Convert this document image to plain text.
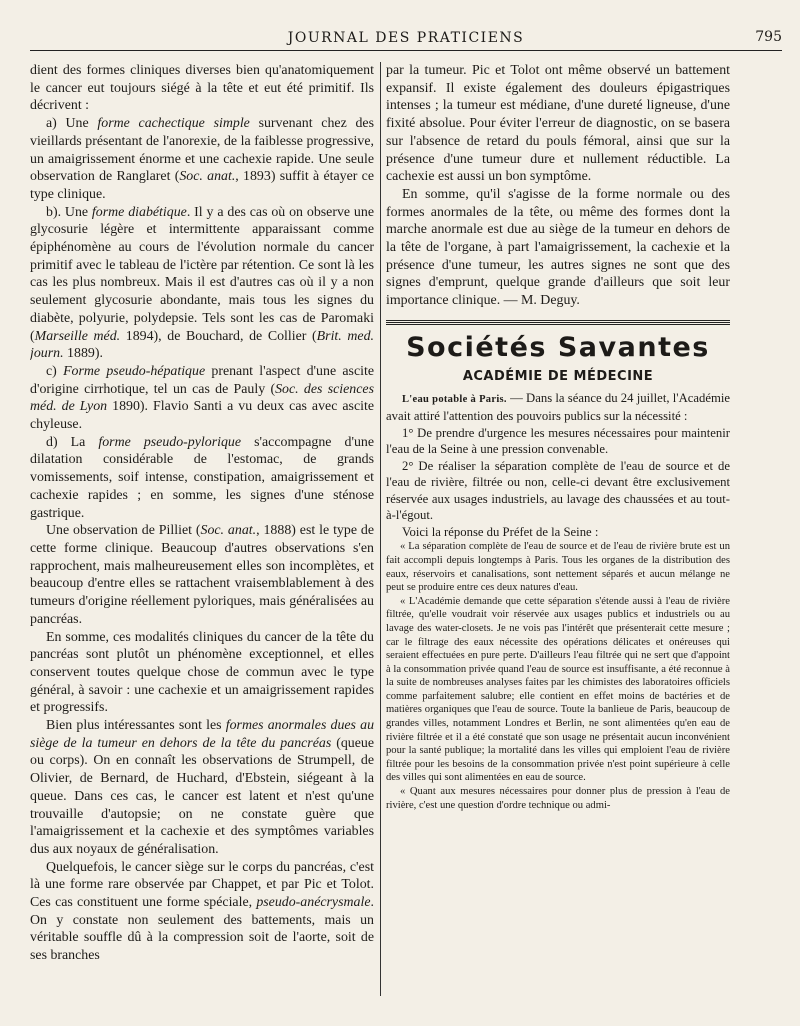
JOURNAL DES PRATICIENS	795

dient des formes cliniques diverses bien qu'anatomiquement le cancer eut toujours siégé à la tête et eut été primitif. Ils décrivent :

a) Une forme cachectique simple survenant chez des vieillards présentant de l'anorexie, de la faiblesse progressive, un amaigrissement énorme et une cachexie rapide. Une seule observation de Ranglaret (Soc. anat., 1893) suffit à étayer ce type clinique.

b). Une forme diabétique. Il y a des cas où on observe une glycosurie légère et intermittente apparaissant comme épiphénomène au cours de l'évolution normale du cancer primitif avec le tableau de l'ictère par rétention. Ce sont là les cas les plus nombreux. Mais il est d'autres cas où il y a non seulement glycosurie abondante, mais tous les signes du diabète, polyurie, polydepsie. Tels sont les cas de Paromaki (Marseille méd. 1894), de Bouchard, de Collier (Brit. med. journ. 1889).

c) Forme pseudo-hépatique prenant l'aspect d'une ascite d'origine cirrhotique, tel un cas de Pauly (Soc. des sciences méd. de Lyon 1890). Flavio Santi a vu deux cas avec ascite chyleuse.

d) La forme pseudo-pylorique s'accompagne d'une dilatation considérable de l'estomac, de grands vomissements, soif intense, constipation, amaigrissement et cachexie rapides ; en somme, les signes d'une sténose gastrique.

Une observation de Pilliet (Soc. anat., 1888) est le type de cette forme clinique. Beaucoup d'autres observations s'en rapprochent, mais malheureusement elles son incomplètes, et beaucoup d'entre elles se rattachent vraisemblablement à des tumeurs d'origine réellement pyloriques, mais généralisées au pancréas.

En somme, ces modalités cliniques du cancer de la tête du pancréas sont plutôt un phénomène exceptionnel, et elles conservent toutes quelque chose de commun avec le type général, à savoir : une cachexie et un amaigrissement rapides et progressifs.

Bien plus intéressantes sont les formes anormales dues au siège de la tumeur en dehors de la tête du pancréas (queue ou corps). On en connaît les observations de Strumpell, de Olivier, de Bernard, de Huchard, d'Ebstein, siégeant à la queue. Dans ces cas, le cancer est latent et n'est qu'une trouvaille d'autopsie; on ne constate guère que l'amaigrissement et la cachexie et des symptômes variables dus aux noyaux de généralisation.

Quelquefois, le cancer siège sur le corps du pancréas, c'est là une forme rare observée par Chappet, et par Pic et Tolot. Ces cas constituent une forme spéciale, pseudo-anécrysmale. On y constate non seulement des battements, mais un véritable souffle dû à la compression soit de l'aorte, soit de ses branches

par la tumeur. Pic et Tolot ont même observé un battement expansif. Il existe également des douleurs épigastriques intenses ; la tumeur est médiane, d'une dureté ligneuse, d'une fixité absolue. Pour éviter l'erreur de diagnostic, on se basera sur l'absence de retard du pouls fémoral, ainsi que sur la présence d'une tumeur dure et nullement réductible. La cachexie est aussi un bon symptôme.

En somme, qu'il s'agisse de la forme normale ou des formes anormales de la tête, ou même des formes dont la marche anormale est due au siège de la tumeur en dehors de la tête de l'organe, à part l'amaigrissement, la cachexie et la présence d'une tumeur, les autres signes ne sont que des signes d'emprunt, quelque grande d'ailleurs que soit leur importance clinique. — M. Deguy.

Sociétés Savantes
ACADÉMIE DE MÉDECINE

L'eau potable à Paris. — Dans la séance du 24 juillet, l'Académie avait attiré l'attention des pouvoirs publics sur la nécessité :

1° De prendre d'urgence les mesures nécessaires pour maintenir l'eau de la Seine à une pression convenable.

2° De réaliser la séparation complète de l'eau de source et de l'eau de rivière, filtrée ou non, celle-ci devant être exclusivement réservée aux usages industriels, au lavage des chaussées et au tout-à-l'égout.

Voici la réponse du Préfet de la Seine :

« La séparation complète de l'eau de source et de l'eau de rivière brute est un fait accompli depuis longtemps à Paris. Tous les organes de la distribution des eaux, réservoirs et canalisations, sont nettement séparés et aucun mélange ne peut se produire entre ces deux natures d'eau.

« L'Académie demande que cette séparation s'étende aussi à l'eau de rivière filtrée, qu'elle voudrait voir réservée aux usages publics et industriels ou au lavage des water-closets. Je ne vois pas l'intérêt que présenterait cette mesure ; car le filtrage des eaux nécessite des opérations délicates et onéreuses qui seraient effectuées en pure perte. D'ailleurs l'eau filtrée qui ne sert que d'appoint à la consommation privée quand l'eau de source est insuffisante, a été reconnue à la suite de nombreuses analyses faites par les chimistes des laboratoires officiels comme parfaitement salubre; elle contient en effet moins de bactéries et de matières organiques que l'eau de source. Toute la banlieue de Paris, beaucoup de grandes villes, notamment Londres et Berlin, ne sont alimentées qu'en eau de rivière filtrée et il a été constaté que son usage ne présentait aucun inconvénient pour la santé publique; la mortalité dans les villes qui emploient l'eau de rivière filtrée pour les besoins de la consommation privée n'est point supérieure à celle des villes qui sont alimentées en eau de source.

« Quant aux mesures nécessaires pour donner plus de pression à l'eau de rivière, c'est une question d'ordre technique ou admi-
